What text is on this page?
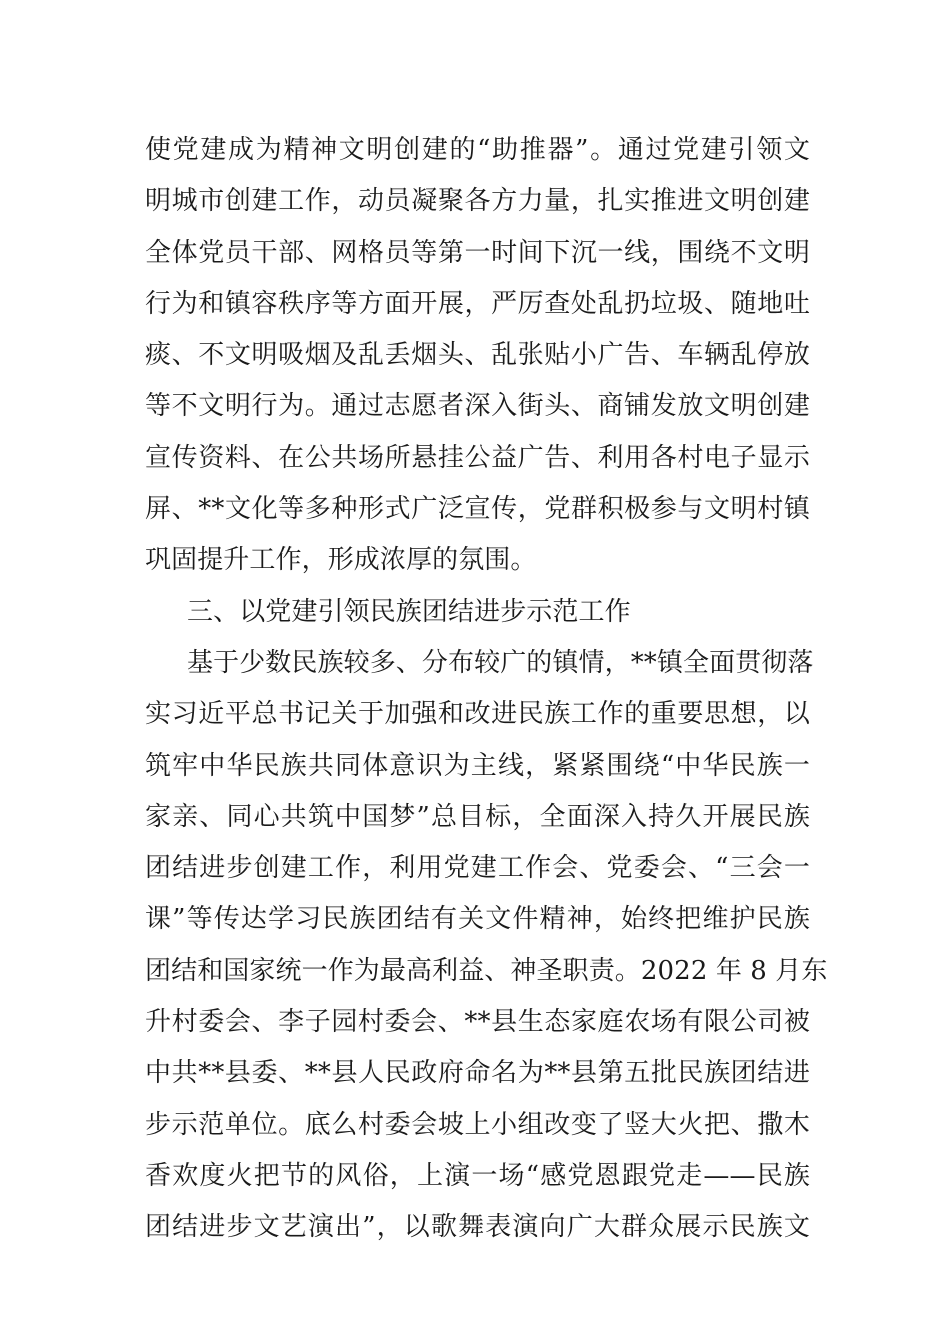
使党建成为精神文明创建的“助推器”。通过党建引领文
明城市创建工作，动员凝聚各方力量，扎实推进文明创建
全体党员干部、网格员等第一时间下沉一线，围绕不文明
行为和镇容秩序等方面开展，严厉查处乱扔垃圾、随地吐
痰、不文明吸烟及乱丢烟头、乱张贴小广告、车辆乱停放
等不文明行为。通过志愿者深入街头、商铺发放文明创建
宣传资料、在公共场所悬挂公益广告、利用各村电子显示
屏、**文化等多种形式广泛宣传，党群积极参与文明村镇
巩固提升工作，形成浓厚的氛围。
三、以党建引领民族团结进步示范工作
基于少数民族较多、分布较广的镇情，**镇全面贯彻落
实习近平总书记关于加强和改进民族工作的重要思想，以
筑牢中华民族共同体意识为主线，紧紧围绕“中华民族一
家亲、同心共筑中国梦”总目标，全面深入持久开展民族
团结进步创建工作，利用党建工作会、党委会、“三会一
课”等传达学习民族团结有关文件精神，始终把维护民族
团结和国家统一作为最高利益、神圣职责。2022 年 8 月东
升村委会、李子园村委会、**县生态家庭农场有限公司被
中共**县委、**县人民政府命名为**县第五批民族团结进
步示范单位。底么村委会坡上小组改变了竖大火把、撒木
香欢度火把节的风俗，上演一场“感党恩跟党走——民族
团结进步文艺演出”，以歌舞表演向广大群众展示民族文
